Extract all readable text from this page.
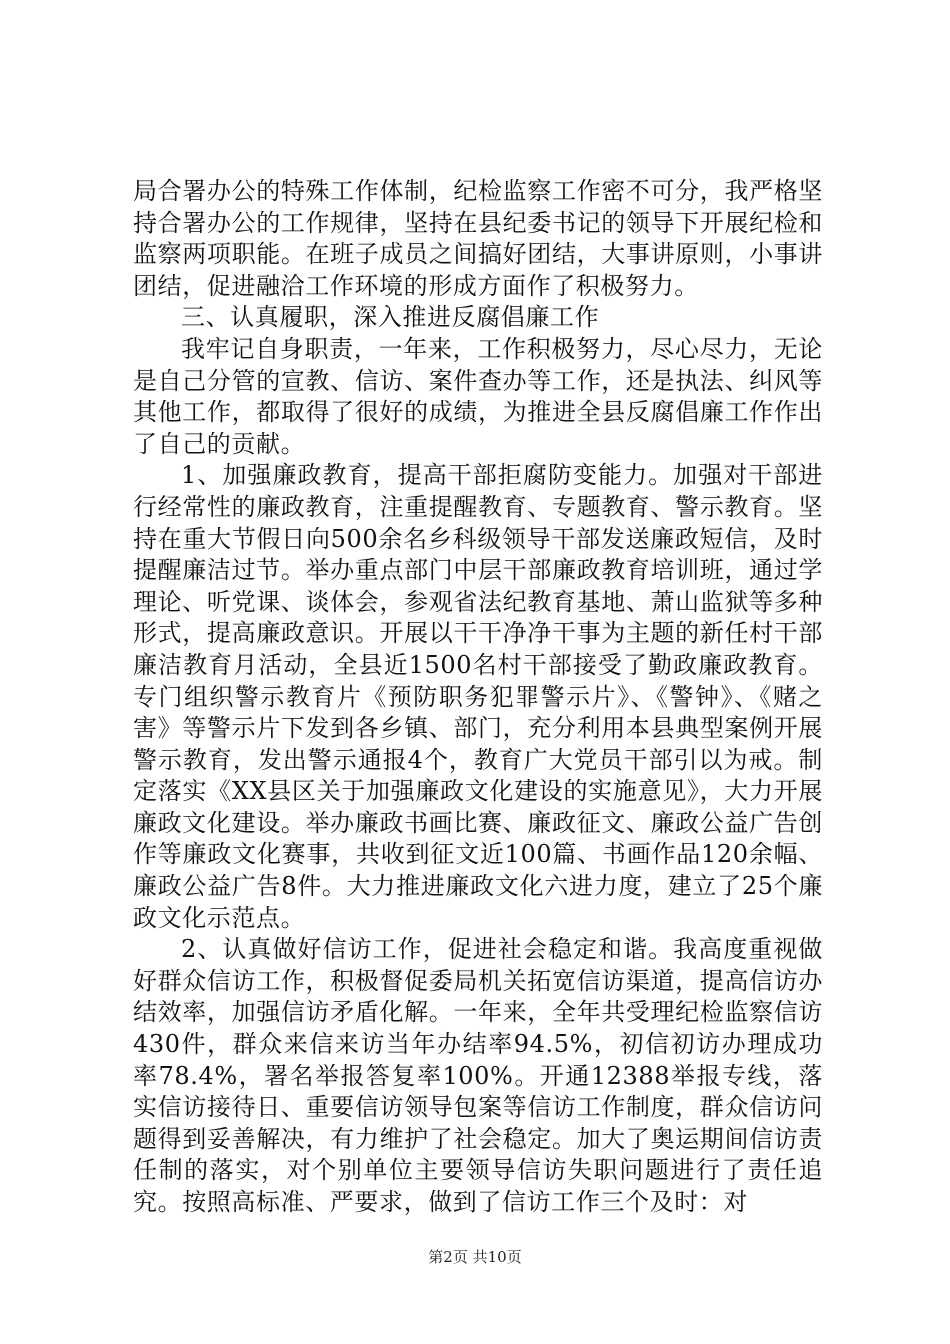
局合署办公的特殊工作体制，纪检监察工作密不可分，我严格坚持合署办公的工作规律，坚持在县纪委书记的领导下开展纪检和监察两项职能。在班子成员之间搞好团结，大事讲原则，小事讲团结，促进融洽工作环境的形成方面作了积极努力。

三、认真履职，深入推进反腐倡廉工作

我牢记自身职责，一年来，工作积极努力，尽心尽力，无论是自己分管的宣教、信访、案件查办等工作，还是执法、纠风等其他工作，都取得了很好的成绩，为推进全县反腐倡廉工作作出了自己的贡献。

1、加强廉政教育，提高干部拒腐防变能力。加强对干部进行经常性的廉政教育，注重提醒教育、专题教育、警示教育。坚持在重大节假日向500余名乡科级领导干部发送廉政短信，及时提醒廉洁过节。举办重点部门中层干部廉政教育培训班，通过学理论、听党课、谈体会，参观省法纪教育基地、萧山监狱等多种形式，提高廉政意识。开展以干干净净干事为主题的新任村干部廉洁教育月活动，全县近1500名村干部接受了勤政廉政教育。专门组织警示教育片《预防职务犯罪警示片》、《警钟》、《赌之害》等警示片下发到各乡镇、部门，充分利用本县典型案例开展警示教育，发出警示通报4个，教育广大党员干部引以为戒。制定落实《XX县区关于加强廉政文化建设的实施意见》，大力开展廉政文化建设。举办廉政书画比赛、廉政征文、廉政公益广告创作等廉政文化赛事，共收到征文近100篇、书画作品120余幅、廉政公益广告8件。大力推进廉政文化六进力度，建立了25个廉政文化示范点。

2、认真做好信访工作，促进社会稳定和谐。我高度重视做好群众信访工作，积极督促委局机关拓宽信访渠道，提高信访办结效率，加强信访矛盾化解。一年来，全年共受理纪检监察信访430件，群众来信来访当年办结率94.5%，初信初访办理成功率78.4%，署名举报答复率100%。开通12388举报专线，落实信访接待日、重要信访领导包案等信访工作制度，群众信访问题得到妥善解决，有力维护了社会稳定。加大了奥运期间信访责任制的落实，对个别单位主要领导信访失职问题进行了责任追究。按照高标准、严要求，做到了信访工作三个及时：对

第2页 共10页
